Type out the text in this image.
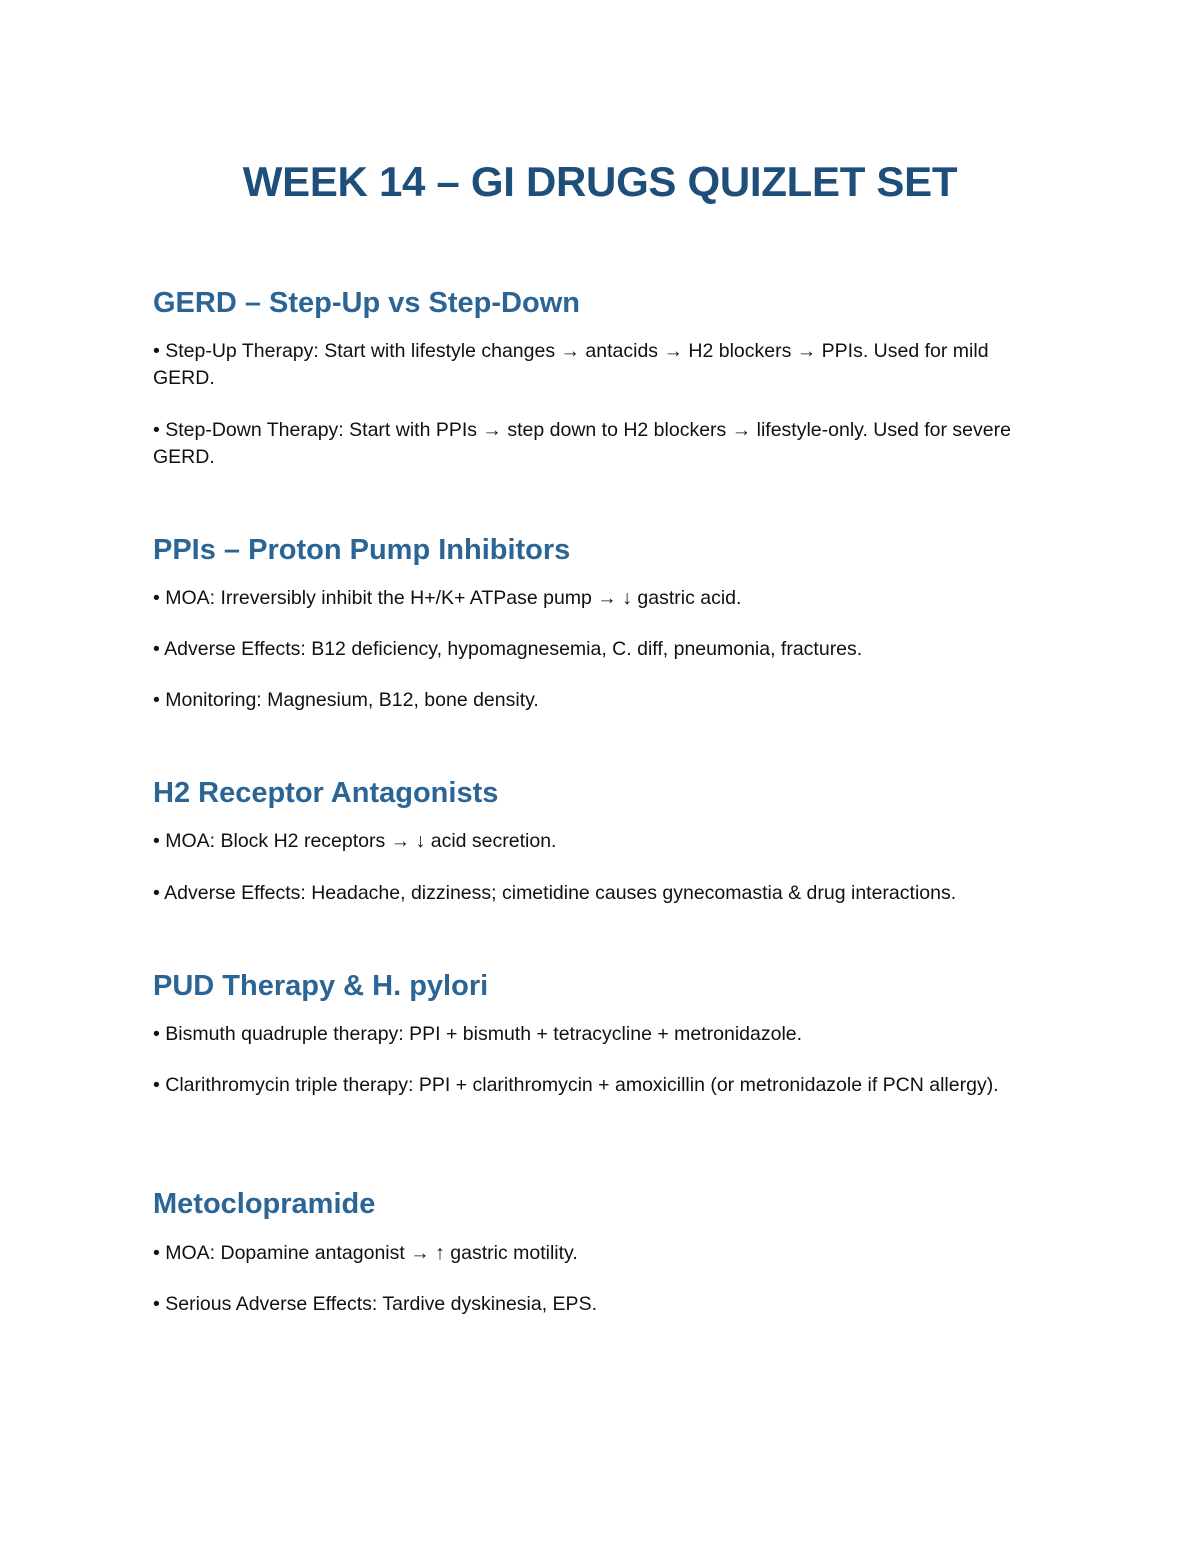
WEEK 14 – GI DRUGS QUIZLET SET
GERD – Step-Up vs Step-Down

• Step-Up Therapy: Start with lifestyle changes → antacids → H2 blockers → PPIs. Used for mild GERD.

• Step-Down Therapy: Start with PPIs → step down to H2 blockers → lifestyle-only. Used for severe GERD.

PPIs – Proton Pump Inhibitors

• MOA: Irreversibly inhibit the H+/K+ ATPase pump → ↓ gastric acid.

• Adverse Effects: B12 deficiency, hypomagnesemia, C. diff, pneumonia, fractures.

• Monitoring: Magnesium, B12, bone density.

H2 Receptor Antagonists

• MOA: Block H2 receptors → ↓ acid secretion.

• Adverse Effects: Headache, dizziness; cimetidine causes gynecomastia & drug interactions.

PUD Therapy & H. pylori

• Bismuth quadruple therapy: PPI + bismuth + tetracycline + metronidazole.

• Clarithromycin triple therapy: PPI + clarithromycin + amoxicillin (or metronidazole if PCN allergy).

Metoclopramide

• MOA: Dopamine antagonist → ↑ gastric motility.

• Serious Adverse Effects: Tardive dyskinesia, EPS.
